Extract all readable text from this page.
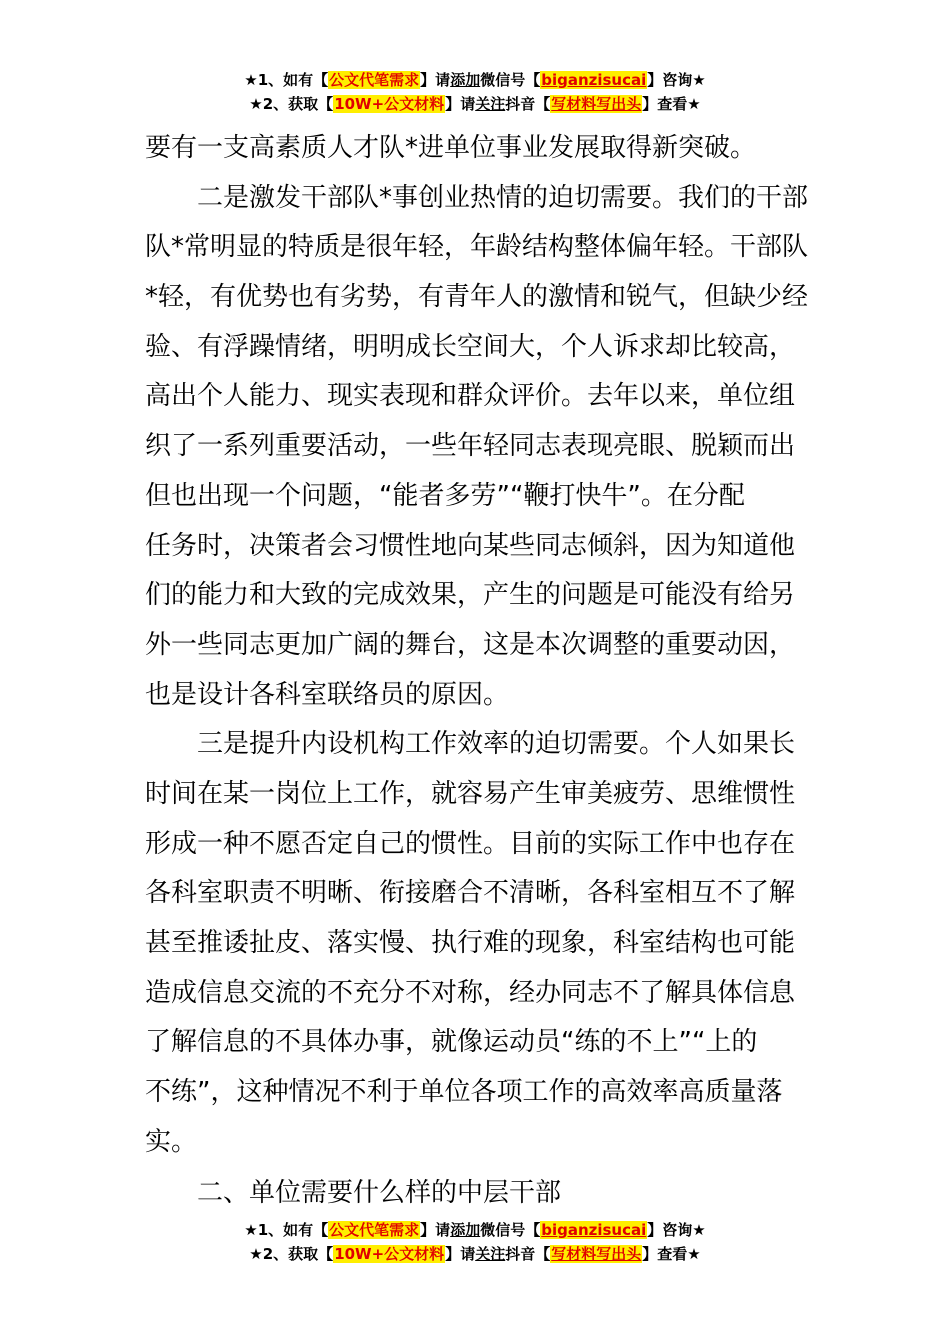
★1、如有【公文代笔需求】请添加微信号【biganzisucai】咨询★
★2、获取【10W+公文材料】请关注抖音【写材料写出头】查看★
要有一支高素质人才队*进单位事业发展取得新突破。
二是激发干部队*事创业热情的迫切需要。我们的干部
队*常明显的特质是很年轻，年龄结构整体偏年轻。干部队
*轻，有优势也有劣势，有青年人的激情和锐气，但缺少经
验、有浮躁情绪，明明成长空间大，个人诉求却比较高，
高出个人能力、现实表现和群众评价。去年以来，单位组
织了一系列重要活动，一些年轻同志表现亮眼、脱颖而出
但也出现一个问题，“能者多劳”“鞭打快牛”。在分配
任务时，决策者会习惯性地向某些同志倾斜，因为知道他
们的能力和大致的完成效果，产生的问题是可能没有给另
外一些同志更加广阔的舞台，这是本次调整的重要动因，
也是设计各科室联络员的原因。
三是提升内设机构工作效率的迫切需要。个人如果长
时间在某一岗位上工作，就容易产生审美疲劳、思维惯性
形成一种不愿否定自己的惯性。目前的实际工作中也存在
各科室职责不明晰、衔接磨合不清晰，各科室相互不了解
甚至推诿扯皮、落实慢、执行难的现象，科室结构也可能
造成信息交流的不充分不对称，经办同志不了解具体信息
了解信息的不具体办事，就像运动员“练的不上”“上的
不练”，这种情况不利于单位各项工作的高效率高质量落
实。
二、单位需要什么样的中层干部
★1、如有【公文代笔需求】请添加微信号【biganzisucai】咨询★
★2、获取【10W+公文材料】请关注抖音【写材料写出头】查看★
